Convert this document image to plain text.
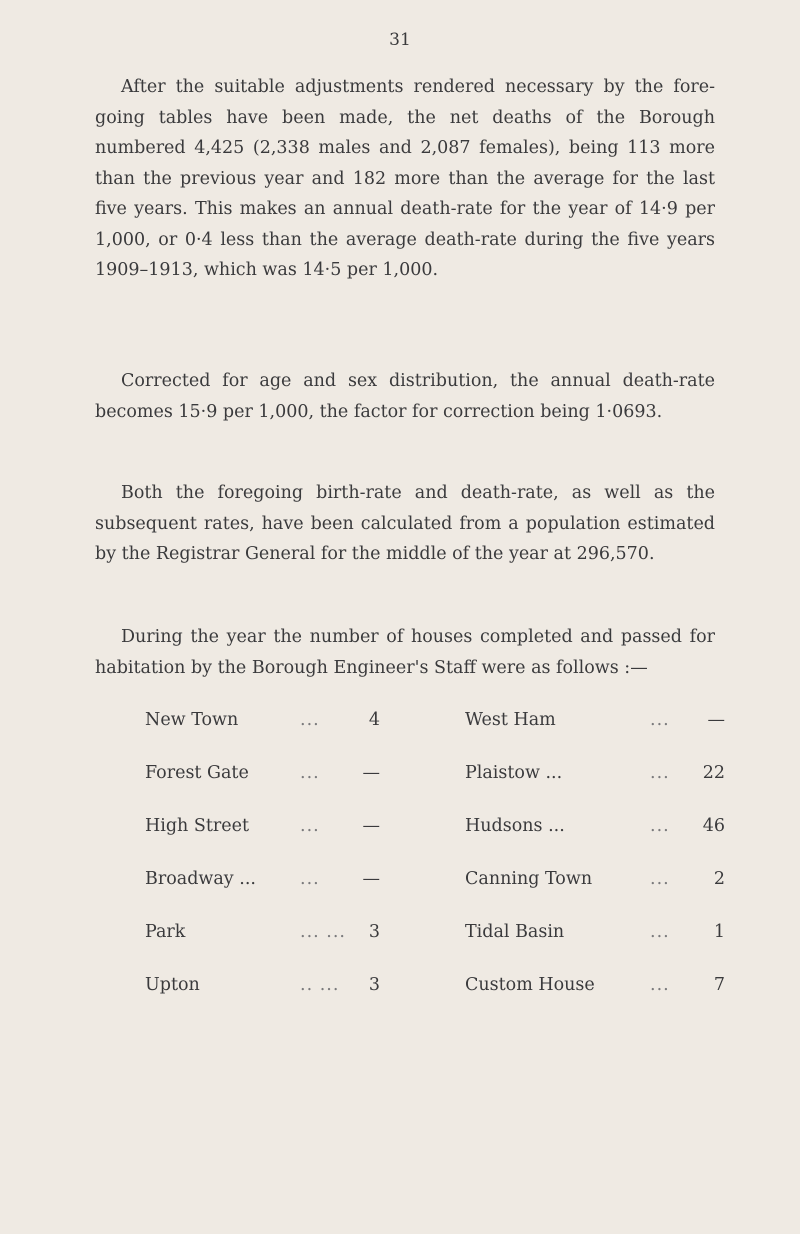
31

After the suitable adjustments rendered necessary by the fore-going tables have been made, the net deaths of the Borough numbered 4,425 (2,338 males and 2,087 females), being 113 more than the previous year and 182 more than the average for the last five years. This makes an annual death-rate for the year of 14·9 per 1,000, or 0·4 less than the average death-rate during the five years 1909–1913, which was 14·5 per 1,000.

Corrected for age and sex distribution, the annual death-rate becomes 15·9 per 1,000, the factor for correction being 1·0693.

Both the foregoing birth-rate and death-rate, as well as the subsequent rates, have been calculated from a population estimated by the Registrar General for the middle of the year at 296,570.

During the year the number of houses completed and passed for habitation by the Borough Engineer's Staff were as follows :—

New Town	...	4	West Ham	...	—
Forest Gate	...	—	Plaistow ...	...	22
High Street	...	—	Hudsons ...	...	46
Broadway ...	...	—	Canning Town	...	2
Park	... ...	3	Tidal Basin	...	1
Upton	.. ...	3	Custom House	...	7
